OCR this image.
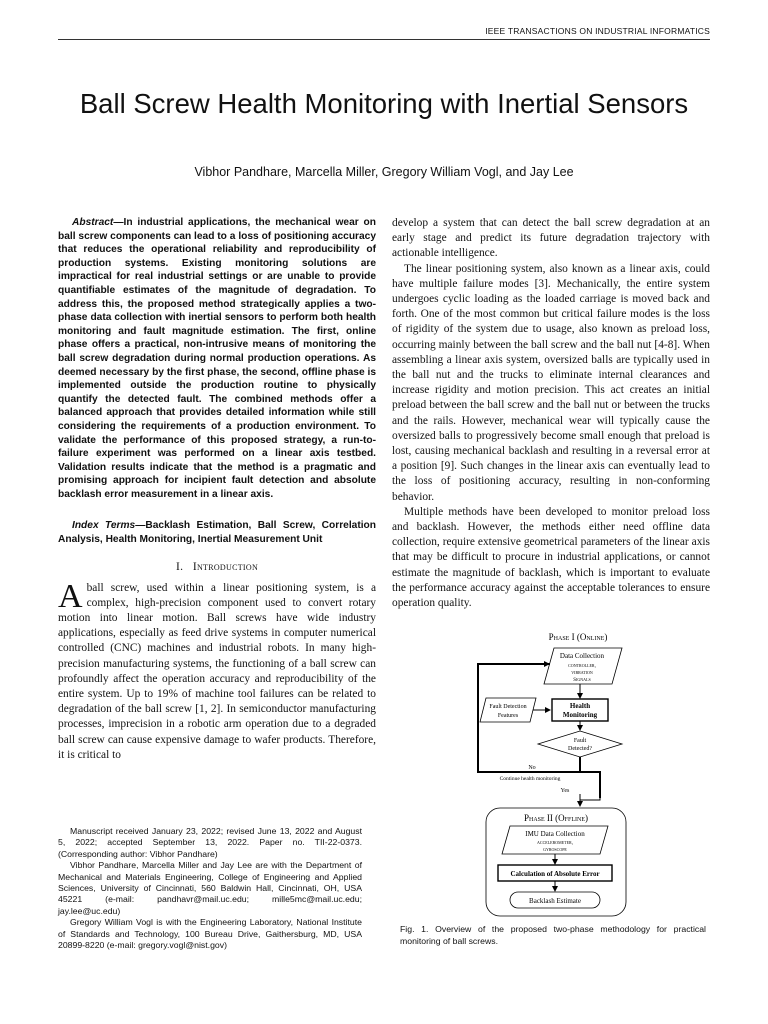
IEEE TRANSACTIONS ON INDUSTRIAL INFORMATICS
Ball Screw Health Monitoring with Inertial Sensors
Vibhor Pandhare, Marcella Miller, Gregory William Vogl, and Jay Lee

Abstract—In industrial applications, the mechanical wear on ball screw components can lead to a loss of positioning accuracy that reduces the operational reliability and reproducibility of production systems. Existing monitoring solutions are impractical for real industrial settings or are unable to provide quantifiable estimates of the magnitude of degradation. To address this, the proposed method strategically applies a two-phase data collection with inertial sensors to perform both health monitoring and fault magnitude estimation. The first, online phase offers a practical, non-intrusive means of monitoring the ball screw degradation during normal production operations. As deemed necessary by the first phase, the second, offline phase is implemented outside the production routine to physically quantify the detected fault. The combined methods offer a balanced approach that provides detailed information while still considering the requirements of a production environment. To validate the performance of this proposed strategy, a run-to-failure experiment was performed on a linear axis testbed. Validation results indicate that the method is a pragmatic and promising approach for incipient fault detection and absolute backlash error measurement in a linear axis.

Index Terms—Backlash Estimation, Ball Screw, Correlation Analysis, Health Monitoring, Inertial Measurement Unit

I. Introduction

Aball screw, used within a linear positioning system, is a complex, high-precision component used to convert rotary motion into linear motion. Ball screws have wide industry applications, especially as feed drive systems in computer numerical controlled (CNC) machines and industrial robots. In many high-precision manufacturing systems, the functioning of a ball screw can profoundly affect the operation accuracy and reproducibility of the entire system. Up to 19% of machine tool failures can be related to degradation of the ball screw [1, 2]. In semiconductor manufacturing processes, imprecision in a robotic arm operation due to a degraded ball screw can cause expensive damage to wafer products. Therefore, it is critical to

develop a system that can detect the ball screw degradation at an early stage and predict its future degradation trajectory with actionable intelligence.

The linear positioning system, also known as a linear axis, could have multiple failure modes [3]. Mechanically, the entire system undergoes cyclic loading as the loaded carriage is moved back and forth. One of the most common but critical failure modes is the loss of rigidity of the system due to usage, also known as preload loss, occurring mainly between the ball screw and the ball nut [4-8]. When assembling a linear axis system, oversized balls are typically used in the ball nut and the trucks to eliminate internal clearances and increase rigidity and motion precision. This act creates an initial preload between the ball screw and the ball nut or between the trucks and the rails. However, mechanical wear will typically cause the oversized balls to progressively become small enough that preload is lost, causing mechanical backlash and resulting in a reversal error at a position [9]. Such changes in the linear axis can eventually lead to the loss of positioning accuracy, resulting in non-conforming behavior.

Multiple methods have been developed to monitor preload loss and backlash. However, the methods either need offline data collection, require extensive geometrical parameters of the linear axis that may be difficult to procure in industrial applications, or cannot estimate the magnitude of backlash, which is important to evaluate the performance accuracy against the acceptable tolerances to ensure operation quality.

Manuscript received January 23, 2022; revised June 13, 2022 and August 5, 2022; accepted September 13, 2022. Paper no. TII-22-0373. (Corresponding author: Vibhor Pandhare)

Vibhor Pandhare, Marcella Miller and Jay Lee are with the Department of Mechanical and Materials Engineering, College of Engineering and Applied Sciences, University of Cincinnati, 560 Baldwin Hall, Cincinnati, OH, USA 45221 (e-mail: pandhavr@mail.uc.edu; mille5mc@mail.uc.edu; jay.lee@uc.edu)

Gregory William Vogl is with the Engineering Laboratory, National Institute of Standards and Technology, 100 Bureau Drive, Gaithersburg, MD, USA 20899-8220 (e-mail: gregory.vogl@nist.gov)

Phase I (Online)
Data Collection
controller,
vibration
Signals
Fault Detection
Features
Health
Monitoring
Fault
Detected?
No
Continue health monitoring
Yes
Phase II (Offline)
IMU Data Collection
accelerometer,
gyroscope
Calculation of Absolute Error
Backlash Estimate
Fig. 1. Overview of the proposed two-phase methodology for practical monitoring of ball screws.
